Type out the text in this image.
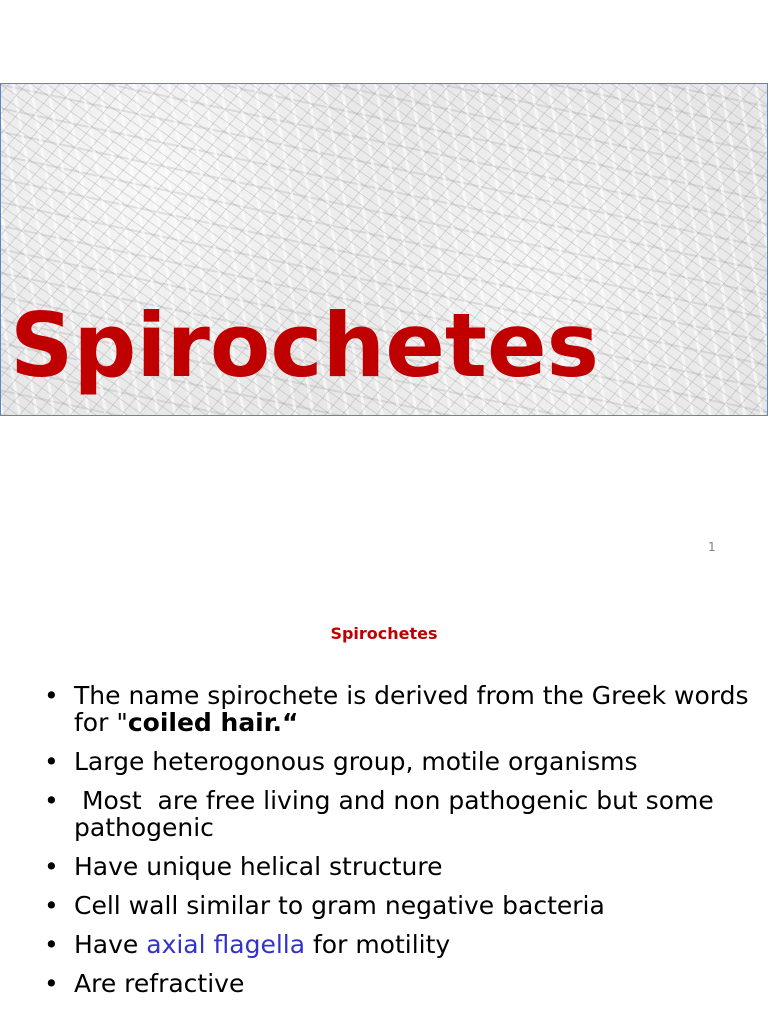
Spirochetes
1
Spirochetes
• The name spirochete is derived from the Greek words for "coiled hair.“
• Large heterogonous group, motile organisms
• Most  are free living and non pathogenic but some pathogenic
• Have unique helical structure
• Cell wall similar to gram negative bacteria
• Have axial flagella for motility
• Are refractive
